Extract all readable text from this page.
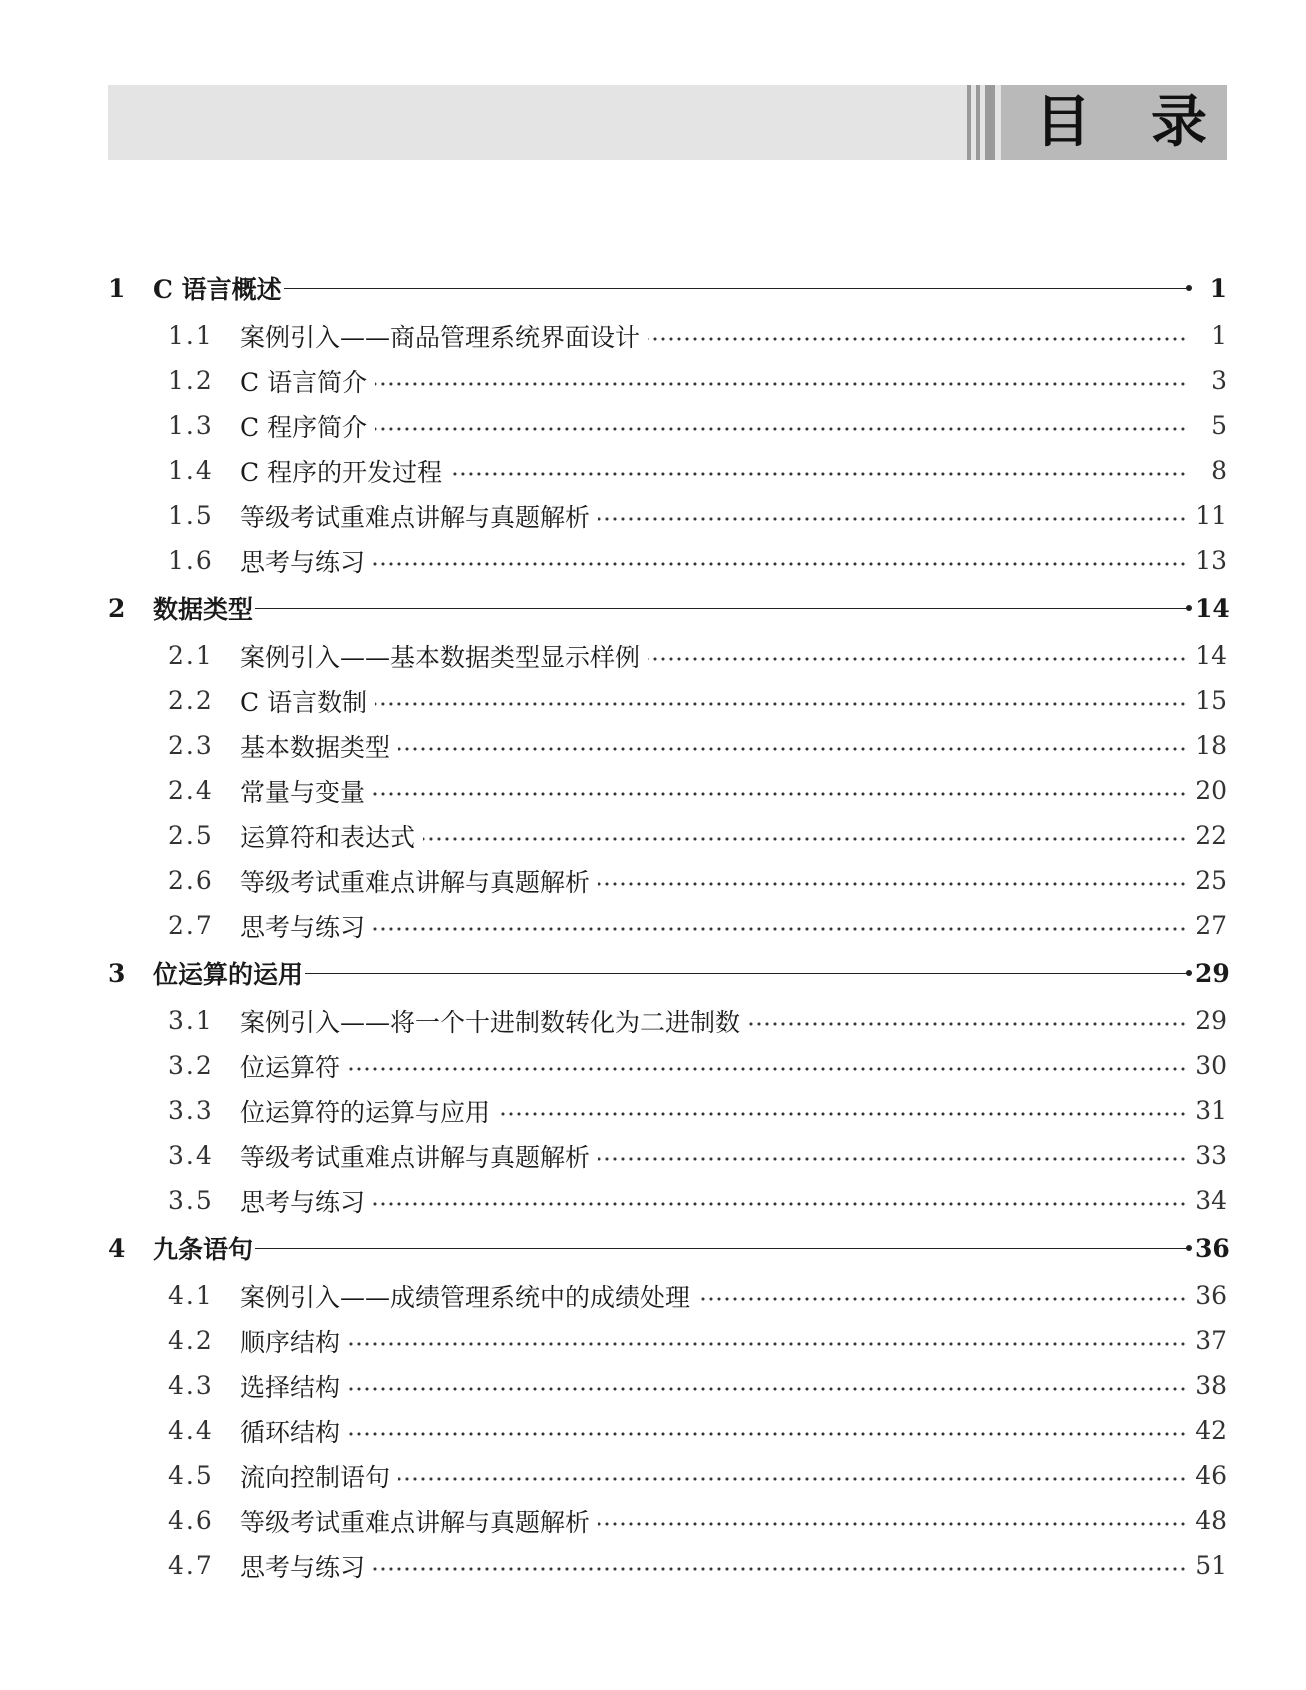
目 录
1	C 语言概述	1
1.1	案例引入——商品管理系统界面设计	1
1.2	C 语言简介	3
1.3	C 程序简介	5
1.4	C 程序的开发过程	8
1.5	等级考试重难点讲解与真题解析	11
1.6	思考与练习	13
2	数据类型	14
2.1	案例引入——基本数据类型显示样例	14
2.2	C 语言数制	15
2.3	基本数据类型	18
2.4	常量与变量	20
2.5	运算符和表达式	22
2.6	等级考试重难点讲解与真题解析	25
2.7	思考与练习	27
3	位运算的运用	29
3.1	案例引入——将一个十进制数转化为二进制数	29
3.2	位运算符	30
3.3	位运算符的运算与应用	31
3.4	等级考试重难点讲解与真题解析	33
3.5	思考与练习	34
4	九条语句	36
4.1	案例引入——成绩管理系统中的成绩处理	36
4.2	顺序结构	37
4.3	选择结构	38
4.4	循环结构	42
4.5	流向控制语句	46
4.6	等级考试重难点讲解与真题解析	48
4.7	思考与练习	51
